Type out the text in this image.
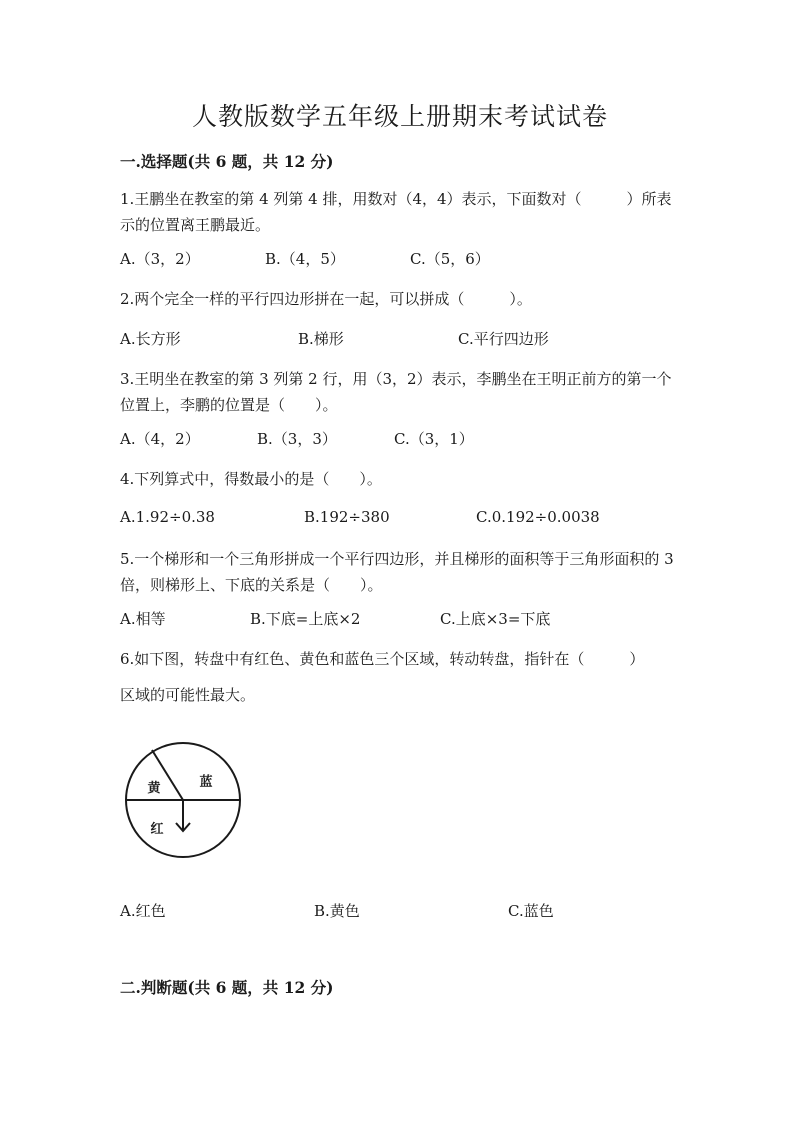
人教版数学五年级上册期末考试试卷
一.选择题(共 6 题，共 12 分)
1.王鹏坐在教室的第 4 列第 4 排，用数对（4，4）表示，下面数对（　　　）所表示的位置离王鹏最近。
A.（3，2）	B.（4，5）	C.（5，6）
2.两个完全一样的平行四边形拼在一起，可以拼成（　　　）。
A.长方形	B.梯形	C.平行四边形
3.王明坐在教室的第 3 列第 2 行，用（3，2）表示，李鹏坐在王明正前方的第一个位置上，李鹏的位置是（　　）。
A.（4，2）	B.（3，3）	C.（3，1）
4.下列算式中，得数最小的是（　　）。
A.1.92÷0.38	B.192÷380	C.0.192÷0.0038
5.一个梯形和一个三角形拼成一个平行四边形，并且梯形的面积等于三角形面积的 3 倍，则梯形上、下底的关系是（　　）。
A.相等	B.下底=上底×2	C.上底×3=下底
6.如下图，转盘中有红色、黄色和蓝色三个区域，转动转盘，指针在（　　　）
区域的可能性最大。
黄	蓝
红
A.红色	B.黄色	C.蓝色
二.判断题(共 6 题，共 12 分)
